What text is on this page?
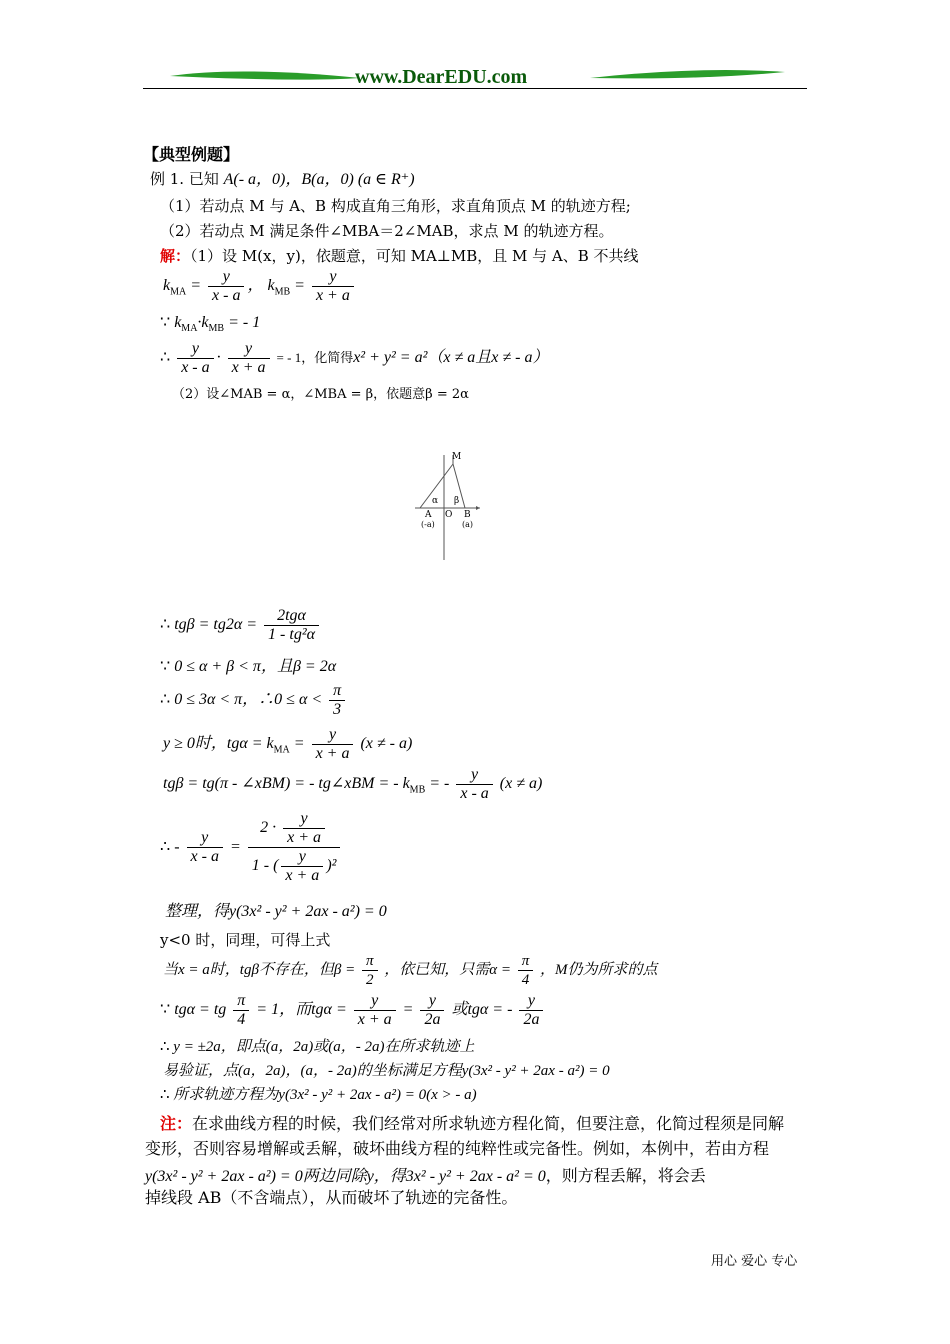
www.DearEDU.com
【典型例题】
例 1. 已知 A(- a，0)，B(a，0) (a ∈ R⁺)
（1）若动点 M 与 A、B 构成直角三角形，求直角顶点 M 的轨迹方程;
（2）若动点 M 满足条件∠MBA＝2∠MAB，求点 M 的轨迹方程。
解：（1）设 M(x，y)，依题意，可知 MA⊥MB，且 M 与 A、B 不共线
$k_{MA} = \frac{y}{x - a}$ ， $k_{MB} = \frac{y}{x + a}$
∵ $k_{MA}\cdot k_{MB}$ = - 1
∴ $\frac{y}{x - a} \cdot \frac{y}{x + a}$ = - 1，化简得x² + y² = a²（x ≠ a且x ≠ - a）
（2）设∠MAB = α，∠MBA = β，依题意β = 2α
M
α β
A O B
(-a)	(a)
∴ $tg\beta = tg2\alpha = \frac{\text{2tgα}}{\text{1 - tg²α}}$
∵ 0 ≤ α + β < π，且β = 2α
∴ 0 ≤ 3α < π，∴0 ≤ $\alpha < \frac{\pi}{3}$
y ≥ 0时，$tg\alpha = k_{MA} = \frac{y}{x + a} (x$ ≠ - a)
tgβ = tg(π - ∠xBM) = - tg∠xBM = - $k_{MB}$ = - $\frac{y}{x - a} (x \ne a)$
∴ - $\frac{y}{x - a} = \frac{2 \cdot \frac{y}{x + a}}{1 - ( \frac{y}{x + a} )^2}$
整理，得y(3x² - y² + 2ax - a²) = 0
y<0 时，同理，可得上式
当x = a时，tgβ不存在，但$\beta = \frac{\pi}{2}$ ，依已知，只需$\alpha = \frac{\pi}{4}$ ，M仍为所求的点
∵ tgα = tg $\frac{\pi}{4} = 1$，而$tg\alpha = \frac{y}{x + a} = \frac{y}{2a}$ 或tgα = - $\frac{y}{2a}$
∴ y = ±2a，即点(a，2a)或(a，- 2a)在所求轨迹上
易验证，点(a，2a)，(a，- 2a)的坐标满足方程y(3x² - y² + 2ax - a²) = 0
∴ 所求轨迹方程为y(3x² - y² + 2ax - a²) = 0(x > - a)
注：在求曲线方程的时候，我们经常对所求轨迹方程化简，但要注意，化简过程须是同解
变形，否则容易增解或丢解，破坏曲线方程的纯粹性或完备性。例如，本例中，若由方程
y(3x² - y² + 2ax - a²) = 0两边同除y，得3x² - y² + 2ax - a² = 0，则方程丢解，将会丢
掉线段 AB（不含端点），从而破坏了轨迹的完备性。
用心 爱心 专心
